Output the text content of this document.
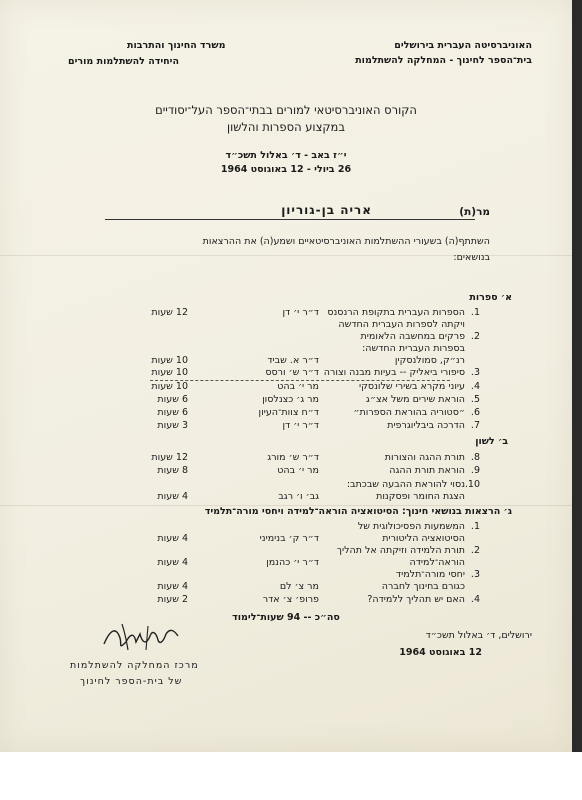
האוניברסיטה העברית בירושלים
בית־הספר לחינוך - המחלקה להשתלמות
משרד החינוך והתרבות
היחידה להשתלמות מורים
הקורס האוניברסיטאי למורים בבתי־הספר העל־יסודיים
במקצוע הספרות והלשון
י״ז באב - ד׳ באלול תשכ״ד
26 ביולי - 12 באוגוסט 1964
מר(ת)
אריה בן-גוריון
השתתף(ה) בשעורי ההשתלמות האוניברסיטאיים ושמע(ה) את ההרצאות
בנושאים:
א׳ ספרות
1.
הספרות העברית בתקופת הרנסנס
ויקתה לספרות העברית החדשה
ד״ר י׳ דן
12 שעות
2.
פרקים במחשבה הלאומית
בספרות העברית החדשה:
רנ״ק, סמולנסקין
ד״ר א. שביד
10 שעות
3.
סיפורי ביאליק -- בעיות מבנה וצורה
ד״ר ש׳ ורסס
10 שעות
4.
עיוני מקרא בשירי שלונסקי
מר י׳ בהט
10 שעות
5.
הוראת שירים משל אצ״ג
מר ג׳ כצנלסון
6 שעות
6.
״סטוריה בהוראת הספרות״
ד״ח צוות־העיון
6 שעות
7.
הדרכה ביבליוגרפית
ד״ר י׳ דן
3 שעות
ב׳ לשון
8.
תורת ההגה והצורות
ד״ר ש׳ מורג
12 שעות
9.
הוראת תורת ההגה
מר י׳ בהט
8 שעות
10.
נסוי להוראת ההבעה שבכתב:
הצגת החומר ופסקנות
גב׳ ו׳ רגב
4 שעות
ג׳ הרצאות בנושאי חינוך: הסיטואציה הוראה־למידה ויחסי מורה־תלמיד
1.
המשמעות הפסיכולוגית של
הסיטואציה הליטורית
ד״ר ק׳ בנימיני
4 שעות
2.
תורת הלמידה וזיקתה אל תהליך
הוראה־למידה
ד״ר י׳ כהנמן
4 שעות
3.
יחסי מורה־תלמיד
כגורם בחינוך לחברה
מר צ׳ לם
4 שעות
4.
האם יש תהליך ללמידה?
פרופ׳ צ׳ אדר
2 שעות
סה״כ -- 94 שעות־לימוד
ירושלים, ד׳ באלול תשכ״ד
12 באוגוסט 1964
מרכז המחלקה להשתלמות
של בית-הספר לחינוך
